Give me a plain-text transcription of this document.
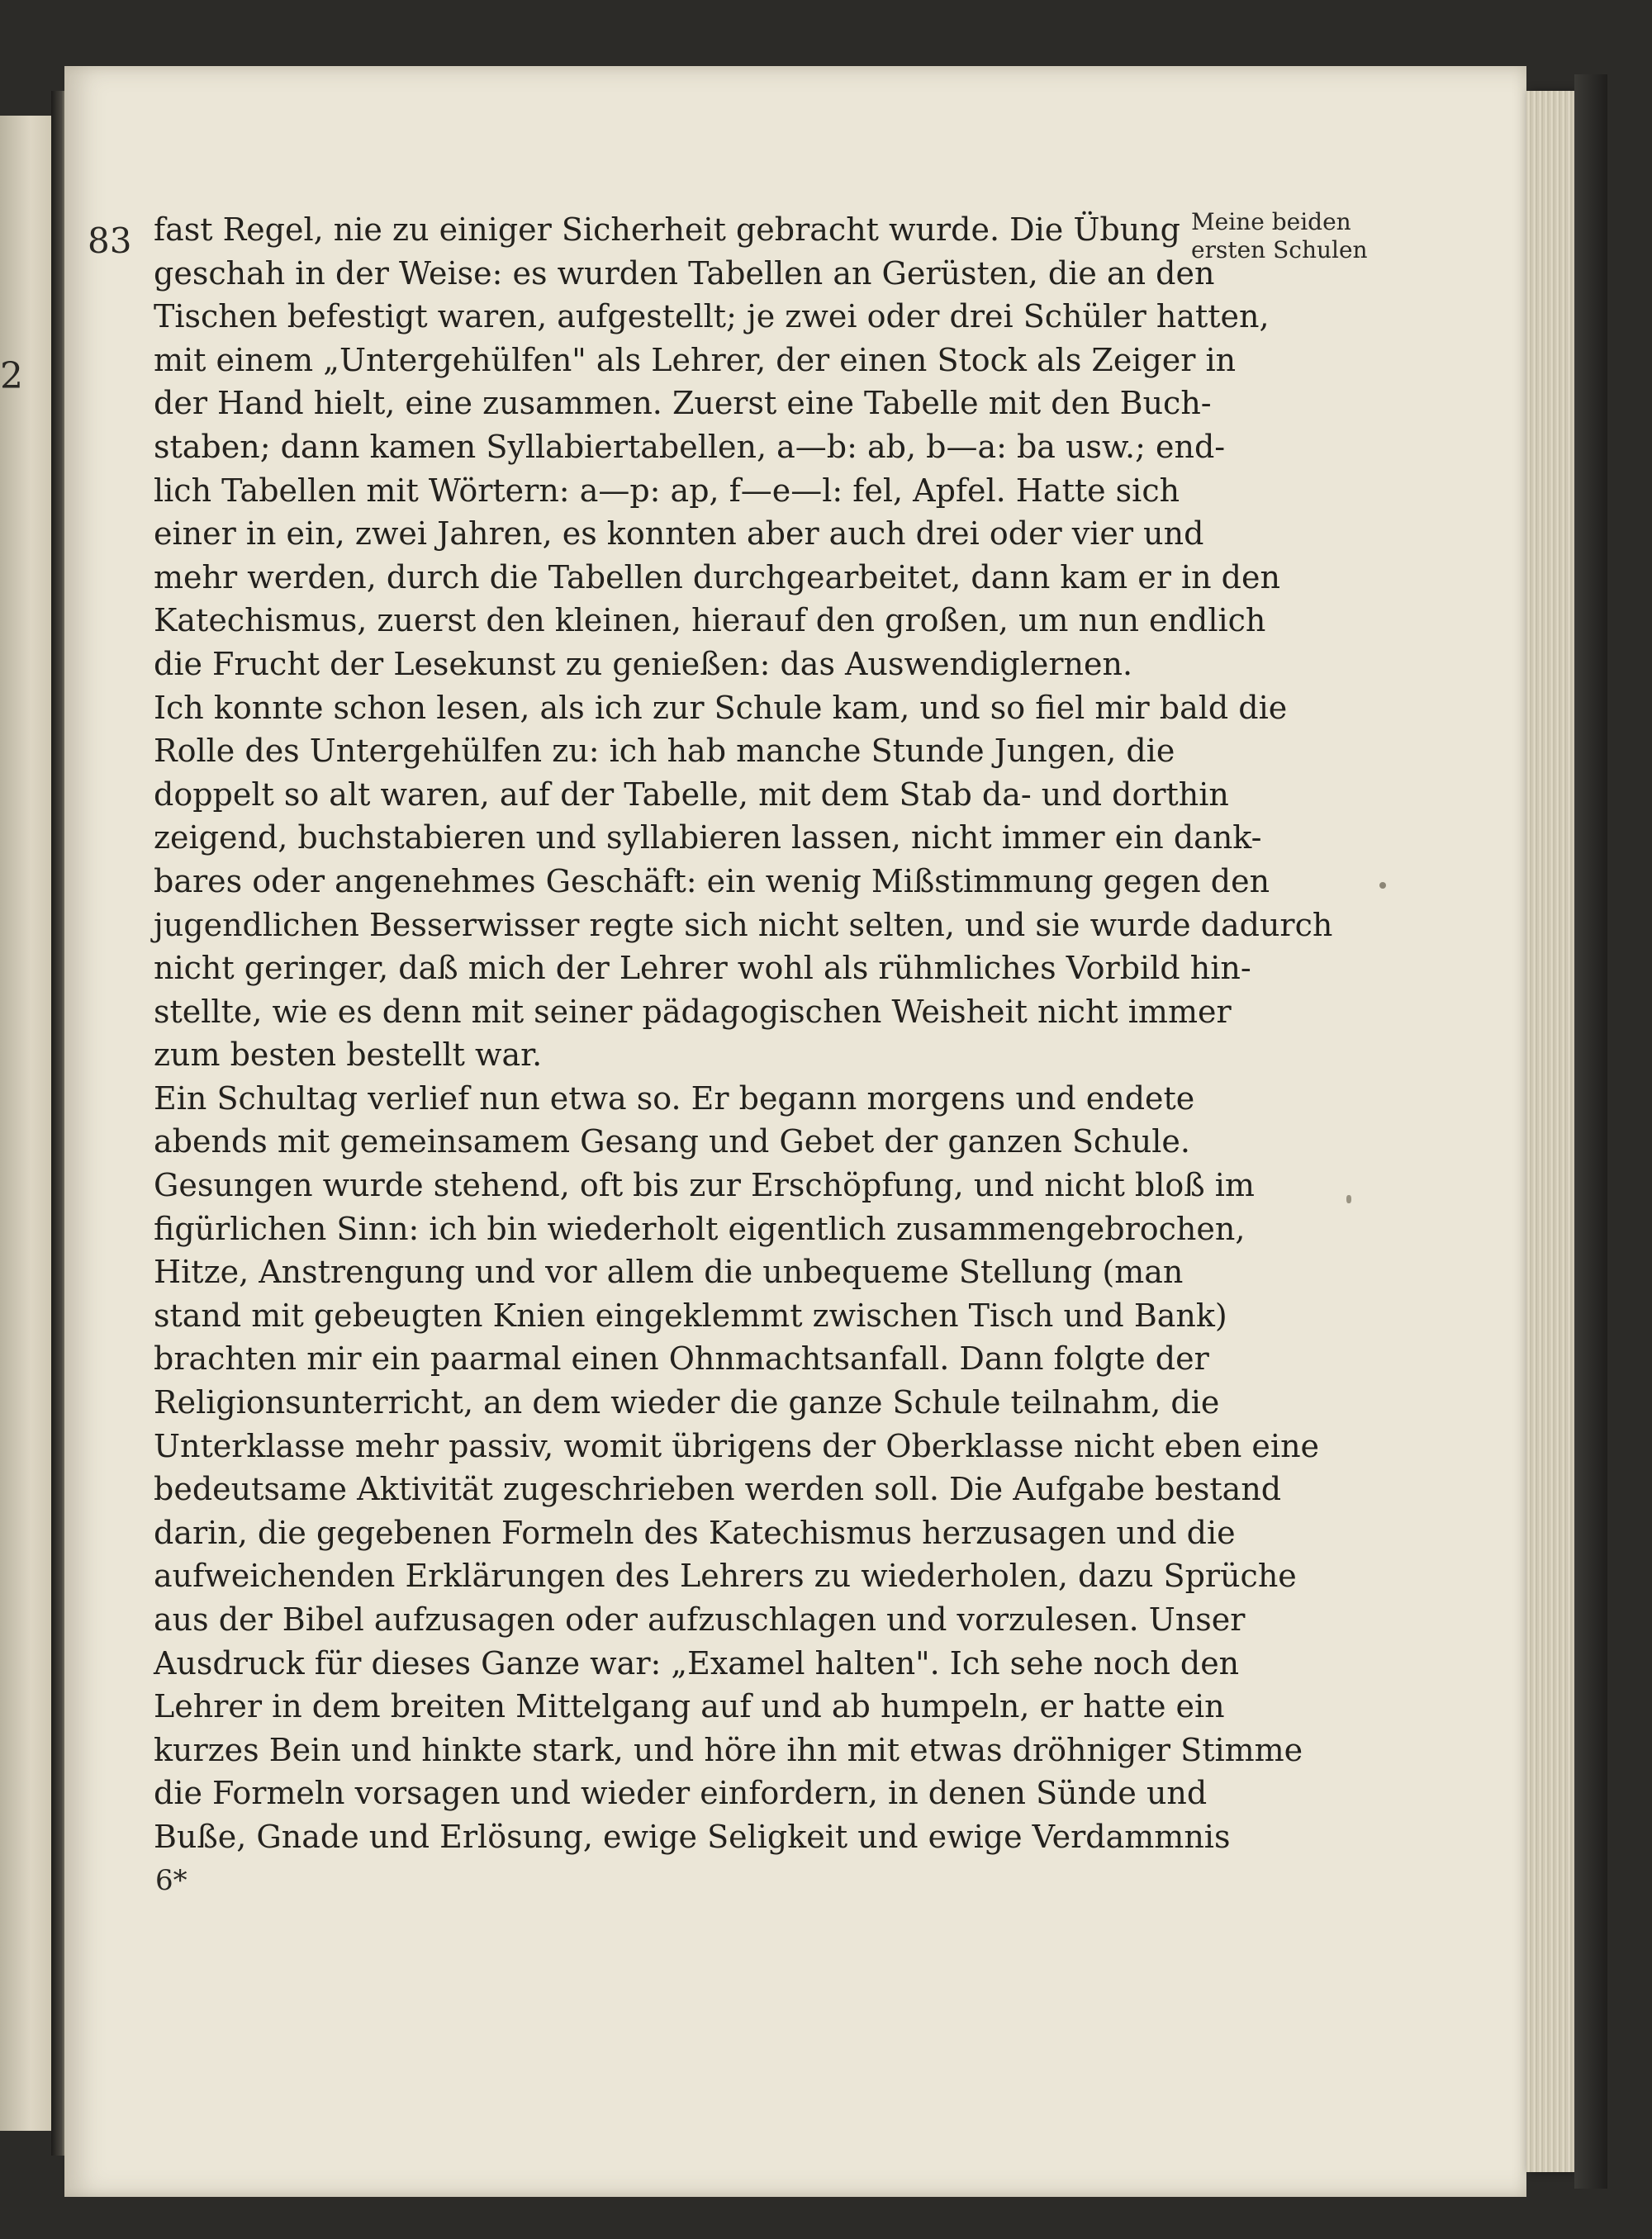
2
83 fast Regel, nie zu einiger Sicherheit gebracht wurde. Die Übung
geschah in der Weise: es wurden Tabellen an Gerüsten, die an den
Tischen befestigt waren, aufgestellt; je zwei oder drei Schüler hatten,
mit einem „Untergehülfen" als Lehrer, der einen Stock als Zeiger in
der Hand hielt, eine zusammen. Zuerst eine Tabelle mit den Buch-
staben; dann kamen Syllabiertabellen, a—b: ab, b—a: ba usw.; end-
lich Tabellen mit Wörtern: a—p: ap, f—e—l: fel, Apfel. Hatte sich
einer in ein, zwei Jahren, es konnten aber auch drei oder vier und
mehr werden, durch die Tabellen durchgearbeitet, dann kam er in den
Katechismus, zuerst den kleinen, hierauf den großen, um nun endlich
die Frucht der Lesekunst zu genießen: das Auswendiglernen.
Ich konnte schon lesen, als ich zur Schule kam, und so fiel mir bald die
Rolle des Untergehülfen zu: ich hab manche Stunde Jungen, die
doppelt so alt waren, auf der Tabelle, mit dem Stab da- und dorthin
zeigend, buchstabieren und syllabieren lassen, nicht immer ein dank-
bares oder angenehmes Geschäft: ein wenig Mißstimmung gegen den
jugendlichen Besserwisser regte sich nicht selten, und sie wurde dadurch
nicht geringer, daß mich der Lehrer wohl als rühmliches Vorbild hin-
stellte, wie es denn mit seiner pädagogischen Weisheit nicht immer
zum besten bestellt war.
Ein Schultag verlief nun etwa so. Er begann morgens und endete
abends mit gemeinsamem Gesang und Gebet der ganzen Schule.
Gesungen wurde stehend, oft bis zur Erschöpfung, und nicht bloß im
figürlichen Sinn: ich bin wiederholt eigentlich zusammengebrochen,
Hitze, Anstrengung und vor allem die unbequeme Stellung (man
stand mit gebeugten Knien eingeklemmt zwischen Tisch und Bank)
brachten mir ein paarmal einen Ohnmachtsanfall. Dann folgte der
Religionsunterricht, an dem wieder die ganze Schule teilnahm, die
Unterklasse mehr passiv, womit übrigens der Oberklasse nicht eben eine
bedeutsame Aktivität zugeschrieben werden soll. Die Aufgabe bestand
darin, die gegebenen Formeln des Katechismus herzusagen und die
aufweichenden Erklärungen des Lehrers zu wiederholen, dazu Sprüche
aus der Bibel aufzusagen oder aufzuschlagen und vorzulesen. Unser
Ausdruck für dieses Ganze war: „Examel halten". Ich sehe noch den
Lehrer in dem breiten Mittelgang auf und ab humpeln, er hatte ein
kurzes Bein und hinkte stark, und höre ihn mit etwas dröhniger Stimme
die Formeln vorsagen und wieder einfordern, in denen Sünde und
Buße, Gnade und Erlösung, ewige Seligkeit und ewige Verdammnis
Meine beiden
ersten Schulen
6*
